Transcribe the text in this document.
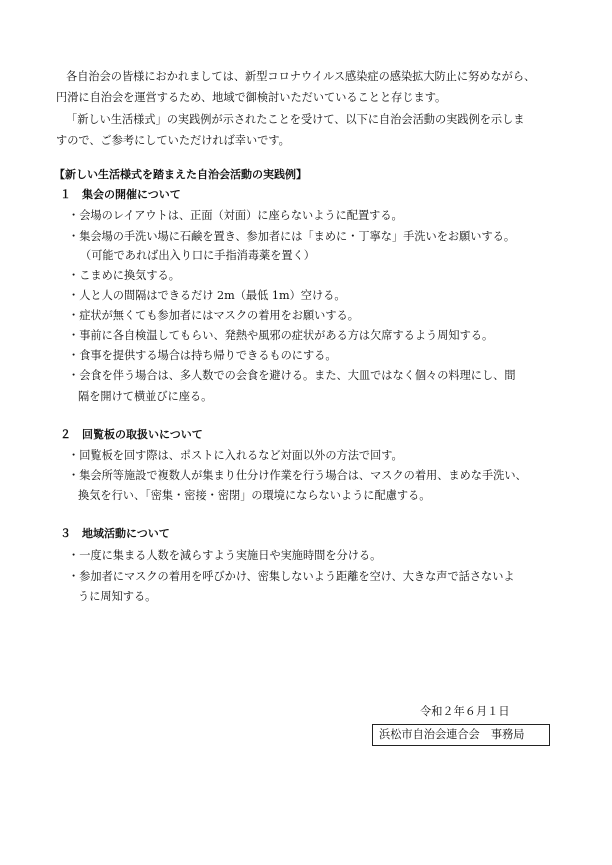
各自治会の皆様におかれましては、新型コロナウイルス感染症の感染拡大防止に努めながら、
円滑に自治会を運営するため、地域で御検討いただいていることと存じます。
「新しい生活様式」の実践例が示されたことを受けて、以下に自治会活動の実践例を示しま
すので、ご参考にしていただければ幸いです。
【新しい生活様式を踏まえた自治会活動の実践例】
１　集会の開催について
・会場のレイアウトは、正面（対面）に座らないように配置する。
・集会場の手洗い場に石鹸を置き、参加者には「まめに・丁寧な」手洗いをお願いする。
（可能であれば出入り口に手指消毒薬を置く）
・こまめに換気する。
・人と人の間隔はできるだけ 2m（最低 1m）空ける。
・症状が無くても参加者にはマスクの着用をお願いする。
・事前に各自検温してもらい、発熱や風邪の症状がある方は欠席するよう周知する。
・食事を提供する場合は持ち帰りできるものにする。
・会食を伴う場合は、多人数での会食を避ける。また、大皿ではなく個々の料理にし、間
隔を開けて横並びに座る。
２　回覧板の取扱いについて
・回覧板を回す際は、ポストに入れるなど対面以外の方法で回す。
・集会所等施設で複数人が集まり仕分け作業を行う場合は、マスクの着用、まめな手洗い、
換気を行い、「密集・密接・密閉」の環境にならないように配慮する。
３　地域活動について
・一度に集まる人数を減らすよう実施日や実施時間を分ける。
・参加者にマスクの着用を呼びかけ、密集しないよう距離を空け、大きな声で話さないよ
うに周知する。
令和２年６月１日
浜松市自治会連合会　事務局
